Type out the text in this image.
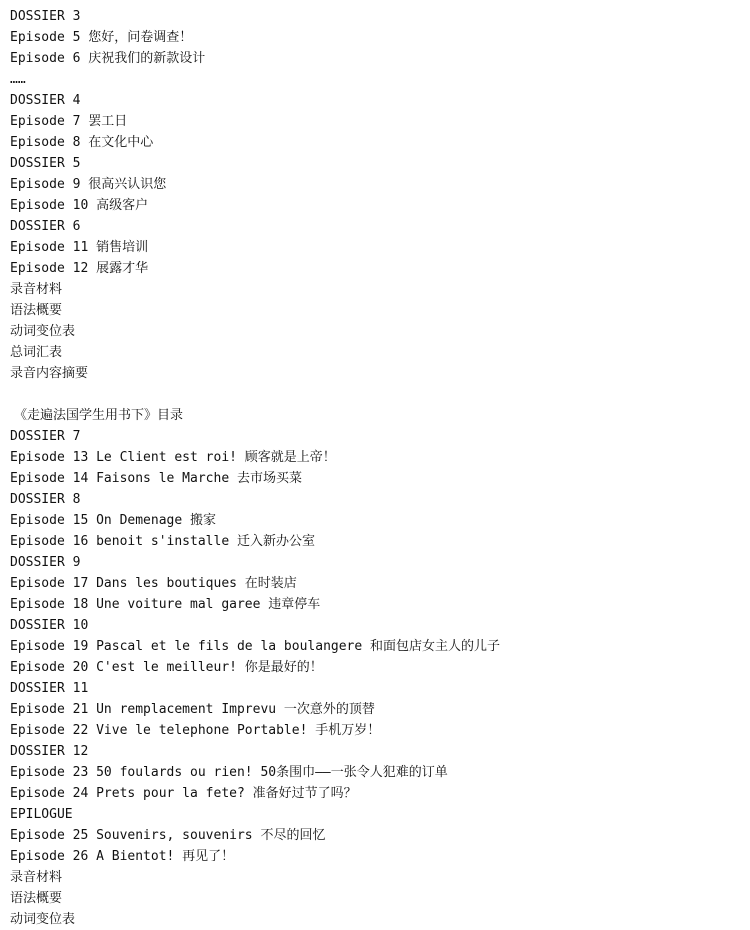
DOSSIER 3
Episode 5 您好，问卷调查！
Episode 6 庆祝我们的新款设计
……
DOSSIER 4
Episode 7 罢工日
Episode 8 在文化中心
DOSSIER 5
Episode 9 很高兴认识您
Episode 10 高级客户
DOSSIER 6
Episode 11 销售培训
Episode 12 展露才华
录音材料
语法概要
动词变位表
总词汇表
录音内容摘要
《走遍法国学生用书下》目录
DOSSIER 7
Episode 13 Le Client est roi! 顾客就是上帝！
Episode 14 Faisons le Marche 去市场买菜
DOSSIER 8
Episode 15 On Demenage 搬家
Episode 16 benoit s'installe 迁入新办公室
DOSSIER 9
Episode 17 Dans les boutiques 在时装店
Episode 18 Une voiture mal garee 违章停车
DOSSIER 10
Episode 19 Pascal et le fils de la boulangere 和面包店女主人的儿子
Episode 20 C'est le meilleur! 你是最好的！
DOSSIER 11
Episode 21 Un remplacement Imprevu 一次意外的顶替
Episode 22 Vive le telephone Portable! 手机万岁！
DOSSIER 12
Episode 23 50 foulards ou rien! 50条围巾——一张令人犯难的订单
Episode 24 Prets pour la fete? 准备好过节了吗？
EPILOGUE
Episode 25 Souvenirs, souvenirs 不尽的回忆
Episode 26 A Bientot! 再见了！
录音材料
语法概要
动词变位表
